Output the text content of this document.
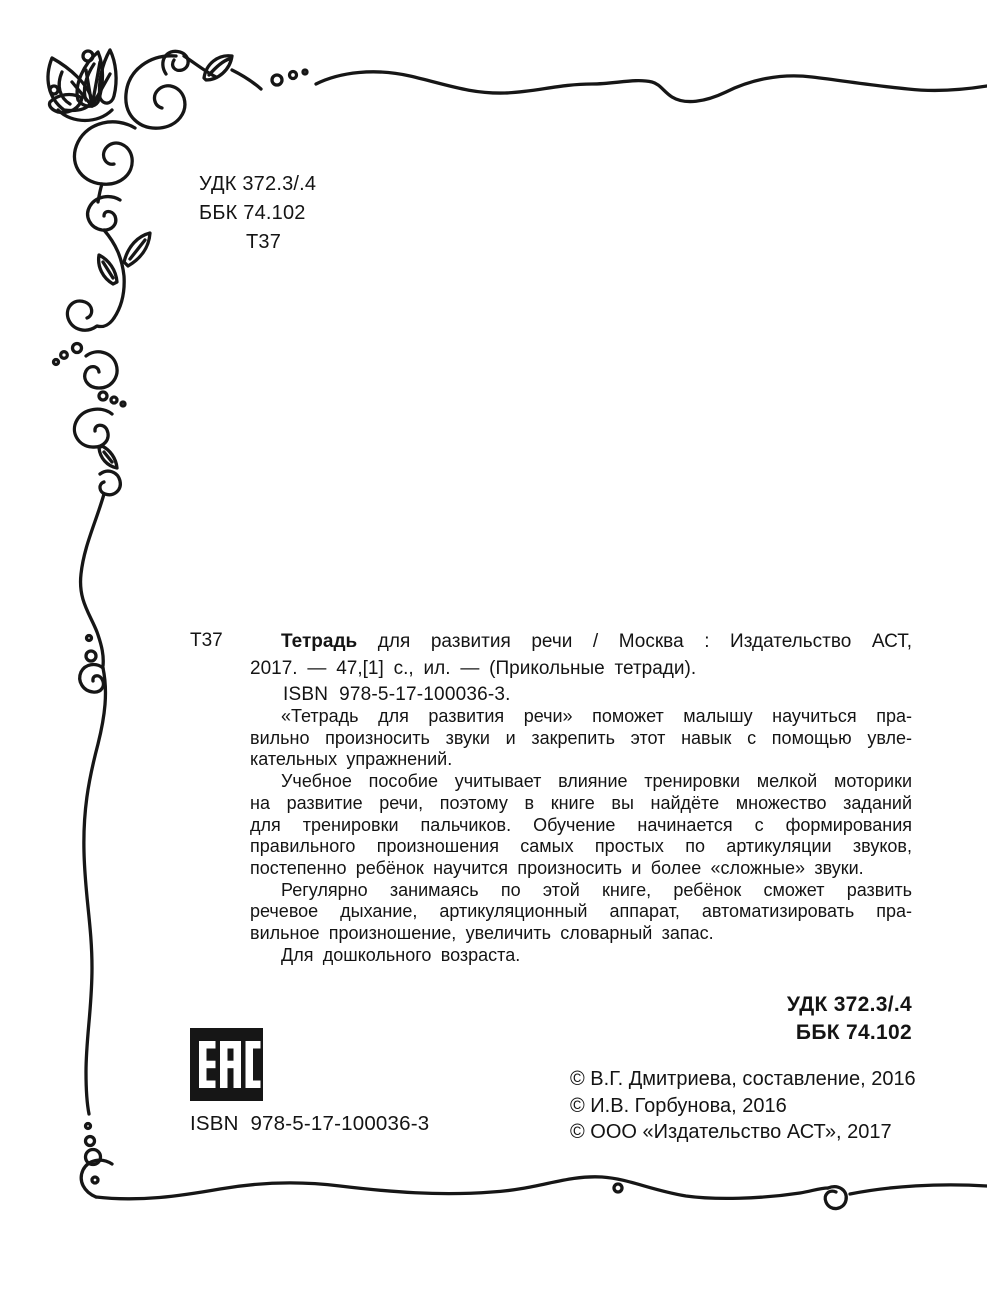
УДК 372.3/.4
ББК 74.102
Т37
Т37	Тетрадь для развития речи / Москва : Издательство АСТ,
2017. — 47,[1] с., ил. — (Прикольные тетради).
ISBN  978-5-17-100036-3.
«Тетрадь для развития речи» поможет малышу научиться пра-
вильно произносить звуки и закрепить этот навык с помощью увле-
кательных упражнений.
Учебное пособие учитывает влияние тренировки мелкой моторики
на развитие речи, поэтому в книге вы найдёте множество заданий
для тренировки пальчиков. Обучение начинается с формирования
правильного произношения самых простых по артикуляции звуков,
постепенно ребёнок научится произносить и более «сложные» звуки.
Регулярно занимаясь по этой книге, ребёнок сможет развить
речевое дыхание, артикуляционный аппарат, автоматизировать пра-
вильное произношение, увеличить словарный запас.
Для дошкольного возраста.
УДК 372.3/.4
ББК 74.102
© В.Г. Дмитриева, составление, 2016
© И.В. Горбунова, 2016
© ООО «Издательство АСТ», 2017
ISBN  978-5-17-100036-3
